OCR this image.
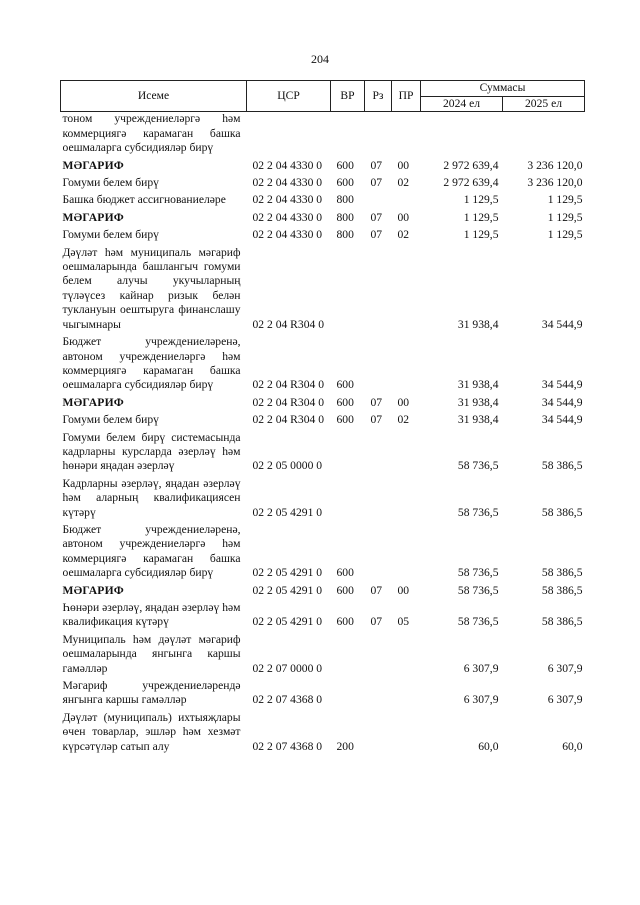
204
Исеме	ЦСР	ВР	Рз	ПР	Суммасы	
					2024 ел	2025 ел
тоном учреждениеләргә һәм коммерциягә карамаган башка оешмаларга субсидияләр бирү						
МӘГАРИФ	02 2 04 4330 0	600	07	00	2 972 639,4	3 236 120,0
Гомуми белем бирү	02 2 04 4330 0	600	07	02	2 972 639,4	3 236 120,0
Башка бюджет ассигнованиеләре	02 2 04 4330 0	800			1 129,5	1 129,5
МӘГАРИФ	02 2 04 4330 0	800	07	00	1 129,5	1 129,5
Гомуми белем бирү	02 2 04 4330 0	800	07	02	1 129,5	1 129,5
Дәүләт һәм муниципаль мәгариф оешмаларында башлангыч гомуми белем алучы укучыларның түләүсез кайнар ризык белән туклануын оештыруга финанслашу чыгымнары	02 2 04 R304 0				31 938,4	34 544,9
Бюджет учреждениеләренә, автоном учреждениеләргә һәм коммерциягә карамаган башка оешмаларга субсидияләр бирү	02 2 04 R304 0	600			31 938,4	34 544,9
МӘГАРИФ	02 2 04 R304 0	600	07	00	31 938,4	34 544,9
Гомуми белем бирү	02 2 04 R304 0	600	07	02	31 938,4	34 544,9
Гомуми белем бирү системасында кадрларны курсларда әзерләү һәм һөнәри яңадан әзерләү	02 2 05 0000 0				58 736,5	58 386,5
Кадрларны әзерләү, яңадан әзерләү һәм аларның квалификациясен күтәрү	02 2 05 4291 0				58 736,5	58 386,5
Бюджет учреждениеләренә, автоном учреждениеләргә һәм коммерциягә карамаган башка оешмаларга субсидияләр бирү	02 2 05 4291 0	600			58 736,5	58 386,5
МӘГАРИФ	02 2 05 4291 0	600	07	00	58 736,5	58 386,5
Һөнәри әзерләү, яңадан әзерләү һәм квалификация күтәрү	02 2 05 4291 0	600	07	05	58 736,5	58 386,5
Муниципаль һәм дәүләт мәгариф оешмаларында янгынга каршы гамәлләр	02 2 07 0000 0				6 307,9	6 307,9
Мәгариф учреждениеләрендә янгынга каршы гамәлләр	02 2 07 4368 0				6 307,9	6 307,9
Дәүләт (муниципаль) ихтыяҗлары өчен товарлар, эшләр һәм хезмәт күрсәтүләр сатып алу	02 2 07 4368 0	200			60,0	60,0
